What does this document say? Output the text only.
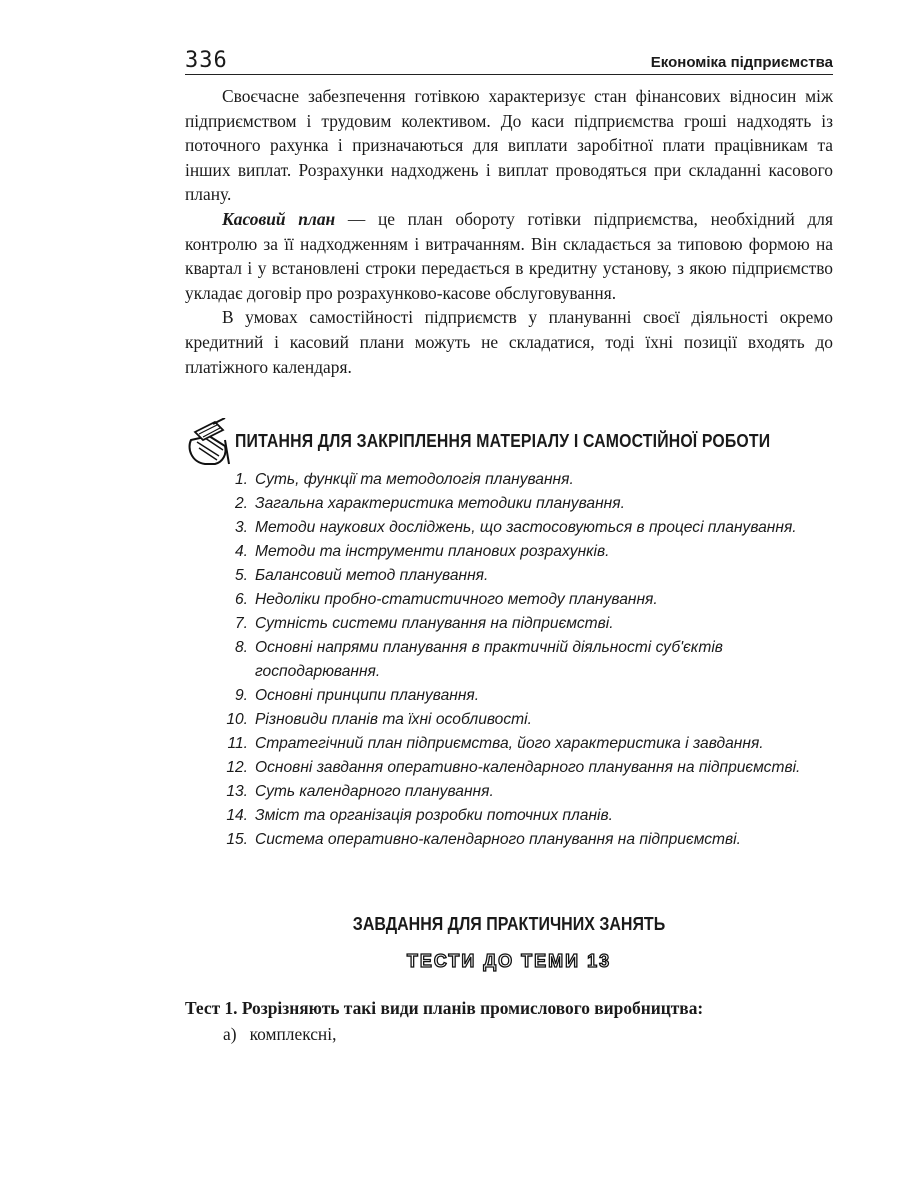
336	Економіка підприємства

Своєчасне забезпечення готівкою характеризує стан фінансових відносин між підприємством і трудовим колективом. До каси підприємства гроші надходять із поточного рахунка і призначаються для виплати заробітної плати працівникам та інших виплат. Розрахунки надходжень і виплат проводяться при складанні касового плану.

Касовий план — це план обороту готівки підприємства, необхідний для контролю за її надходженням і витрачанням. Він складається за типовою формою на квартал і у встановлені строки передається в кредитну установу, з якою підприємство укладає договір про розрахунково-касове обслуговування.

В умовах самостійності підприємств у плануванні своєї діяльності окремо кредитний і касовий плани можуть не складатися, тоді їхні позиції входять до платіжного календаря.

ПИТАННЯ ДЛЯ ЗАКРІПЛЕННЯ МАТЕРІАЛУ І САМОСТІЙНОЇ РОБОТИ
1. Суть, функції та методологія планування.
2. Загальна характеристика методики планування.
3. Методи наукових досліджень, що застосовуються в процесі планування.
4. Методи та інструменти планових розрахунків.
5. Балансовий метод планування.
6. Недоліки пробно-статистичного методу планування.
7. Сутність системи планування на підприємстві.
8. Основні напрями планування в практичній діяльності суб'єктів господарювання.
9. Основні принципи планування.
10. Різновиди планів та їхні особливості.
11. Стратегічний план підприємства, його характеристика і завдання.
12. Основні завдання оперативно-календарного планування на підприємстві.
13. Суть календарного планування.
14. Зміст та організація розробки поточних планів.
15. Система оперативно-календарного планування на підприємстві.
ЗАВДАННЯ ДЛЯ ПРАКТИЧНИХ ЗАНЯТЬ
ТЕСТИ ДО ТЕМИ 13
Тест 1. Розрізняють такі види планів промислового виробництва:
а) комплексні,
